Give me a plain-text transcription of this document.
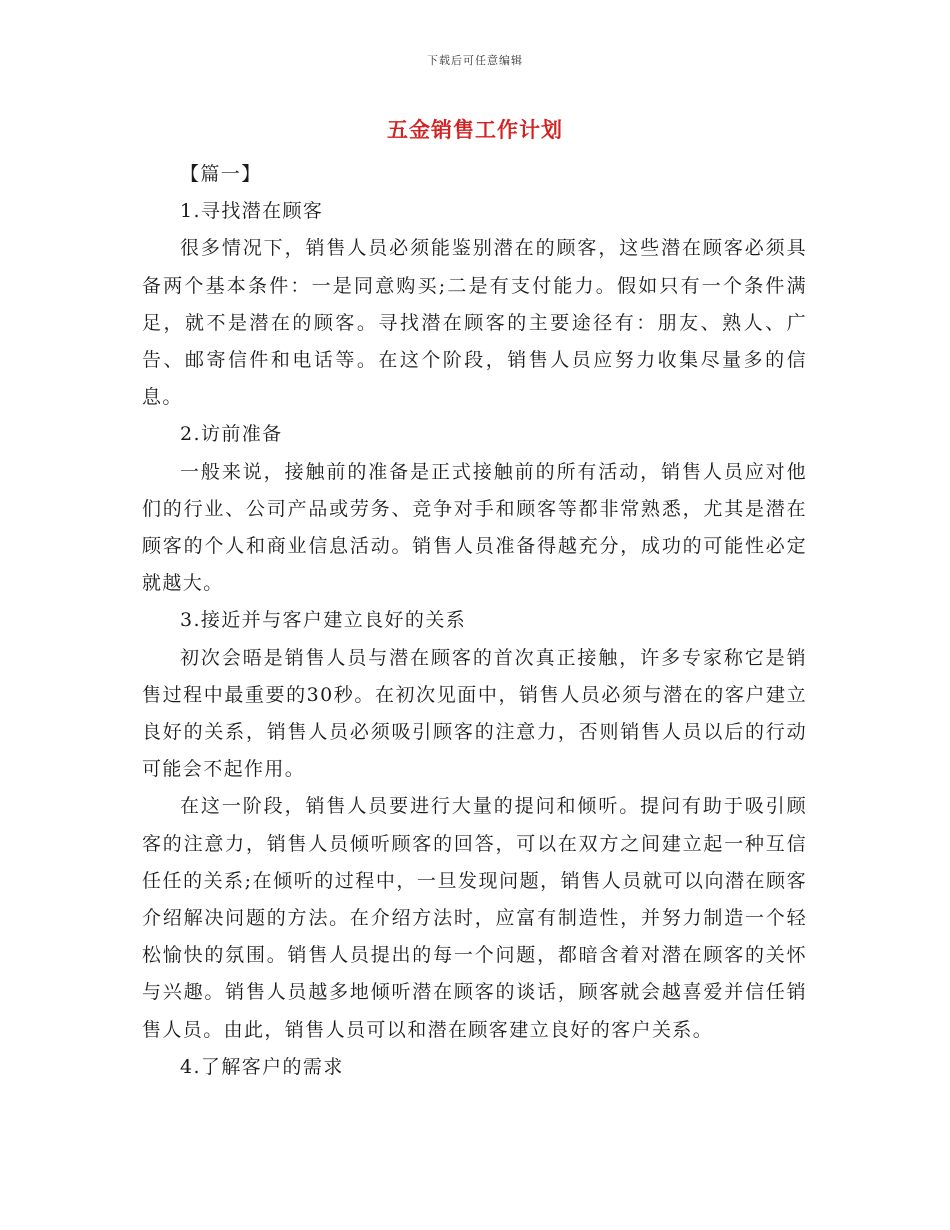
下载后可任意编辑
五金销售工作计划

【篇一】

1.寻找潜在顾客

很多情况下，销售人员必须能鉴别潜在的顾客，这些潜在顾客必须具备两个基本条件：一是同意购买;二是有支付能力。假如只有一个条件满足，就不是潜在的顾客。寻找潜在顾客的主要途径有：朋友、熟人、广告、邮寄信件和电话等。在这个阶段，销售人员应努力收集尽量多的信息。

2.访前准备

一般来说，接触前的准备是正式接触前的所有活动，销售人员应对他们的行业、公司产品或劳务、竞争对手和顾客等都非常熟悉，尤其是潜在顾客的个人和商业信息活动。销售人员准备得越充分，成功的可能性必定就越大。

3.接近并与客户建立良好的关系

初次会晤是销售人员与潜在顾客的首次真正接触，许多专家称它是销售过程中最重要的30秒。在初次见面中，销售人员必须与潜在的客户建立良好的关系，销售人员必须吸引顾客的注意力，否则销售人员以后的行动可能会不起作用。

在这一阶段，销售人员要进行大量的提问和倾听。提问有助于吸引顾客的注意力，销售人员倾听顾客的回答，可以在双方之间建立起一种互信任任的关系;在倾听的过程中，一旦发现问题，销售人员就可以向潜在顾客介绍解决问题的方法。在介绍方法时，应富有制造性，并努力制造一个轻松愉快的氛围。销售人员提出的每一个问题，都暗含着对潜在顾客的关怀与兴趣。销售人员越多地倾听潜在顾客的谈话，顾客就会越喜爱并信任销售人员。由此，销售人员可以和潜在顾客建立良好的客户关系。

4.了解客户的需求
